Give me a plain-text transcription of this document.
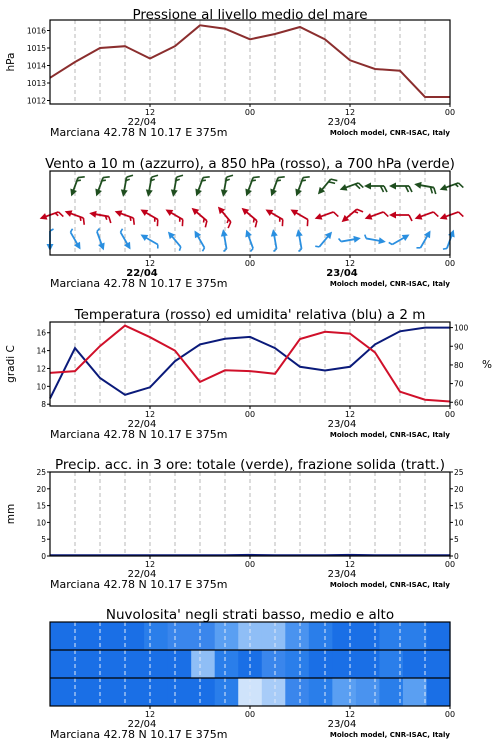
Pressione al livello medio del mare
12
22/04
00	12
23/04
00
Marciana 42.78 N 10.17 E 375m	Moloch model, CNR-ISAC, Italy
1012
1013
1014
1015
1016
hPa
Vento a 10 m (azzurro), a 850 hPa (rosso), a 700 hPa (verde)
12
22/04
00	12
23/04
00
Marciana 42.78 N 10.17 E 375m	Moloch model, CNR-ISAC, Italy
Temperatura (rosso) ed umidita' relativa (blu) a 2 m
12
22/04
00	12
23/04
00
Marciana 42.78 N 10.17 E 375m	Moloch model, CNR-ISAC, Italy
8
10
12
14
16
60
70
80
90
100
gradi C	%
Precip. acc. in 3 ore: totale (verde), frazione solida (tratt.)
12
22/04
00	12
23/04
00
Marciana 42.78 N 10.17 E 375m	Moloch model, CNR-ISAC, Italy
0
5
10
15
20
25
0
5
10
15
20
25
mm
Nuvolosita' negli strati basso, medio e alto
12
22/04
00	12
23/04
00
Marciana 42.78 N 10.17 E 375m	Moloch model, CNR-ISAC, Italy
